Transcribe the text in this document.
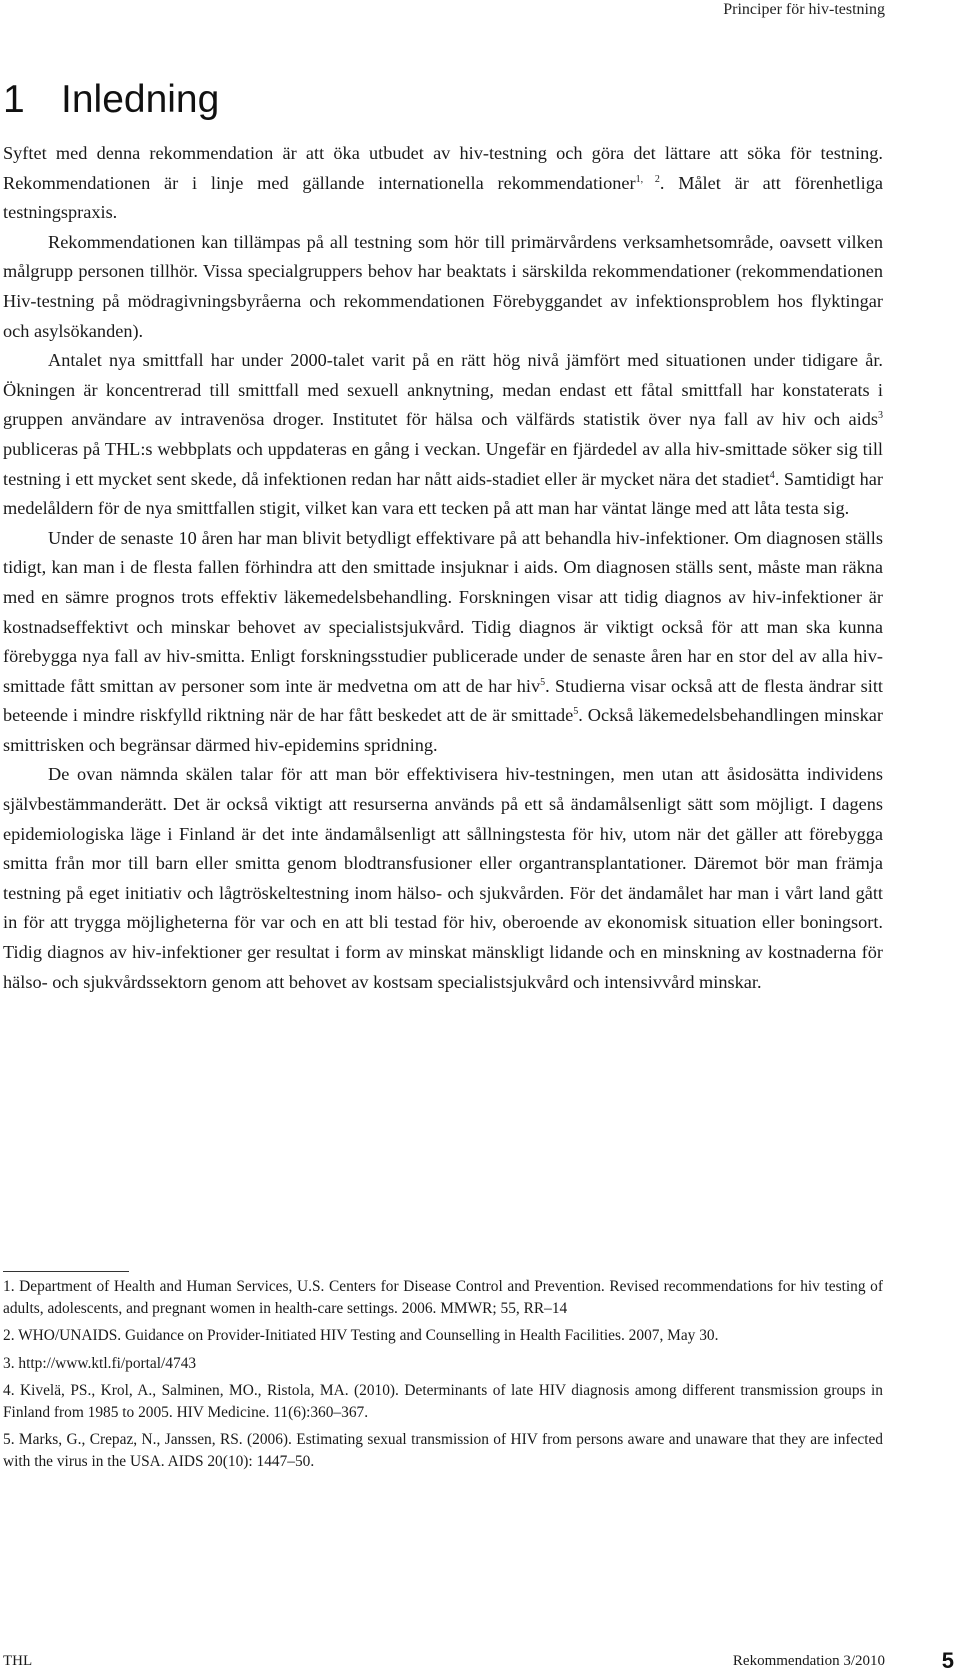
Principer för hiv-testning
1 Inledning

Syftet med denna rekommendation är att öka utbudet av hiv-testning och göra det lättare att söka för testning. Rekommendationen är i linje med gällande internationella rekommendationer$^{1, 2}$. Målet är att förenhetliga testningspraxis.

Rekommendationen kan tillämpas på all testning som hör till primärvårdens verksamhetsområde, oavsett vilken målgrupp personen tillhör. Vissa specialgruppers behov har beaktats i särskilda rekommendationer (rekommendationen Hiv-testning på mödragivningsbyråerna och rekommendationen Förebyggandet av infektionsproblem hos flyktingar och asylsökanden).

Antalet nya smittfall har under 2000-talet varit på en rätt hög nivå jämfört med situationen under tidigare år. Ökningen är koncentrerad till smittfall med sexuell anknytning, medan endast ett fåtal smittfall har konstaterats i gruppen användare av intravenösa droger. Institutet för hälsa och välfärds statistik över nya fall av hiv och aids$^3$ publiceras på THL:s webbplats och uppdateras en gång i veckan. Ungefär en fjärdedel av alla hiv-smittade söker sig till testning i ett mycket sent skede, då infektionen redan har nått aids-stadiet eller är mycket nära det stadiet$^4$. Samtidigt har medelåldern för de nya smittfallen stigit, vilket kan vara ett tecken på att man har väntat länge med att låta testa sig.

Under de senaste 10 åren har man blivit betydligt effektivare på att behandla hiv-infektioner. Om diagnosen ställs tidigt, kan man i de flesta fallen förhindra att den smittade insjuknar i aids. Om diagnosen ställs sent, måste man räkna med en sämre prognos trots effektiv läkemedelsbehandling. Forskningen visar att tidig diagnos av hiv-infektioner är kostnadseffektivt och minskar behovet av specialistsjukvård. Tidig diagnos är viktigt också för att man ska kunna förebygga nya fall av hiv-smitta. Enligt forskningsstudier publicerade under de senaste åren har en stor del av alla hiv-smittade fått smittan av personer som inte är medvetna om att de har hiv$^5$. Studierna visar också att de flesta ändrar sitt beteende i mindre riskfylld riktning när de har fått beskedet att de är smittade$^5$. Också läkemedelsbehandlingen minskar smittrisken och begränsar därmed hiv-epidemins spridning.

De ovan nämnda skälen talar för att man bör effektivisera hiv-testningen, men utan att åsidosätta individens självbestämmanderätt. Det är också viktigt att resurserna används på ett så ändamålsenligt sätt som möjligt. I dagens epidemiologiska läge i Finland är det inte ändamålsenligt att sållningstesta för hiv, utom när det gäller att förebygga smitta från mor till barn eller smitta genom blodtransfusioner eller organtransplantationer. Däremot bör man främja testning på eget initiativ och lågtröskeltestning inom hälso- och sjukvården. För det ändamålet har man i vårt land gått in för att trygga möjligheterna för var och en att bli testad för hiv, oberoende av ekonomisk situation eller boningsort. Tidig diagnos av hiv-infektioner ger resultat i form av minskat mänskligt lidande och en minskning av kostnaderna för hälso- och sjukvårdssektorn genom att behovet av kostsam specialistsjukvård och intensivvård minskar.

1. Department of Health and Human Services, U.S. Centers for Disease Control and Prevention. Revised recommendations for hiv testing of adults, adolescents, and pregnant women in health-care settings. 2006. MMWR; 55, RR–14

2. WHO/UNAIDS. Guidance on Provider-Initiated HIV Testing and Counselling in Health Facilities. 2007, May 30.

3. http://www.ktl.fi/portal/4743

4. Kivelä, PS., Krol, A., Salminen, MO., Ristola, MA. (2010). Determinants of late HIV diagnosis among different transmission groups in Finland from 1985 to 2005. HIV Medicine. 11(6):360–367.

5. Marks, G., Crepaz, N., Janssen, RS. (2006). Estimating sexual transmission of HIV from persons aware and unaware that they are infected with the virus in the USA. AIDS 20(10): 1447–50.

THL	Rekommendation 3/2010	5
